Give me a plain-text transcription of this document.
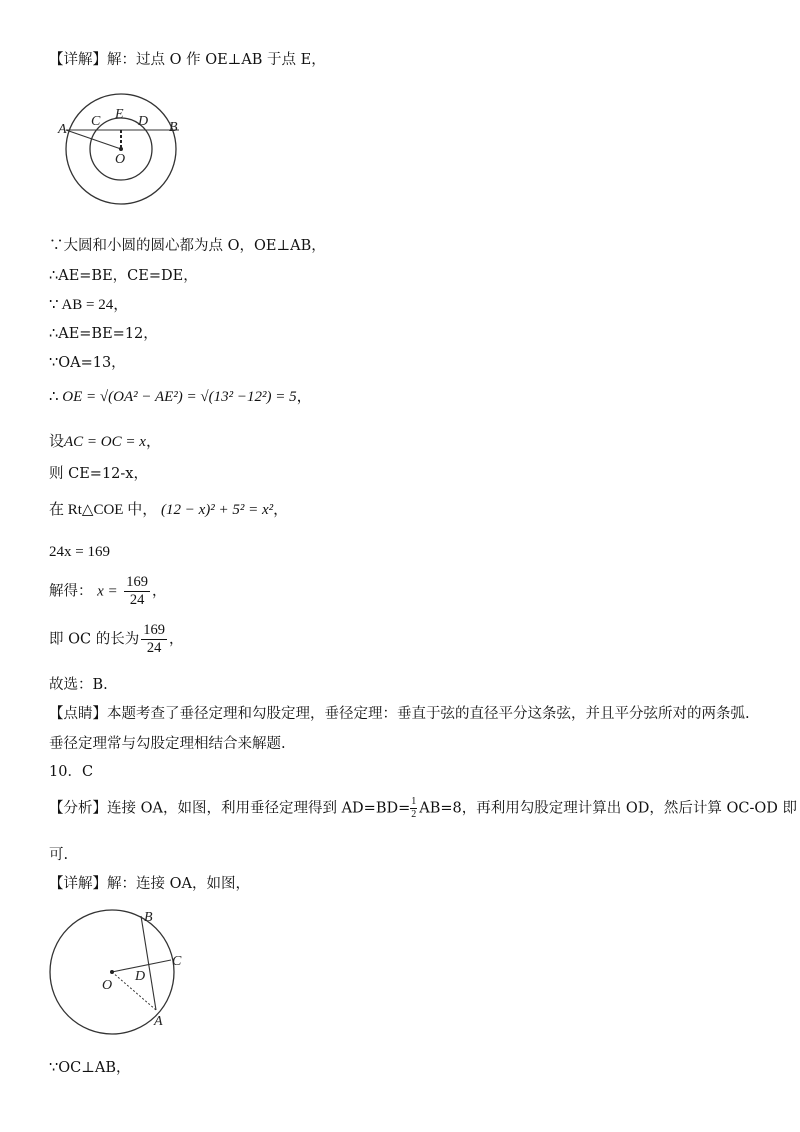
【详解】解：过点 O 作 OE⊥AB 于点 E，
A
C E D B
O
∵大圆和小圆的圆心都为点 O，OE⊥AB，
∴AE=BE，CE=DE，
∵ AB = 24，
∴AE=BE=12，
∵OA=13，
∴ OE = √(OA² − AE²) = √(13² −12²) = 5，
设AC = OC = x，
则 CE=12-x，
在 Rt△COE 中， (12 − x)² + 5² = x²，
24x = 169
解得： $x = \frac{169}{24}$ ，
即 OC 的长为 $\frac{169}{24}$ ，
故选：B.
【点睛】本题考查了垂径定理和勾股定理，垂径定理：垂直于弦的直径平分这条弦，并且平分弦所对的两条弧.
垂径定理常与勾股定理相结合来解题.
10．C
【分析】连接 OA，如图，利用垂径定理得到 $AD=BD= \frac{1}{2} AB=8$，再利用勾股定理计算出 OD，然后计算 OC-OD 即
可.
【详解】解：连接 OA，如图，
B
C
D
O
A
∵OC⊥AB，
